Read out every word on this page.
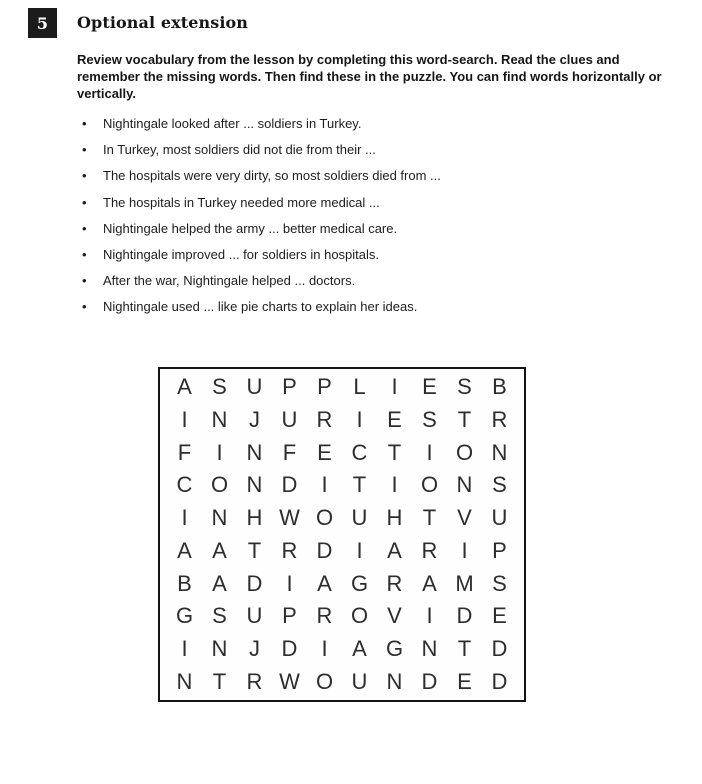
5	Optional extension

Review vocabulary from the lesson by completing this word-search. Read the clues and remember the missing words. Then find these in the puzzle. You can find words horizontally or vertically.

•	Nightingale looked after ... soldiers in Turkey.
•	In Turkey, most soldiers did not die from their ...
•	The hospitals were very dirty, so most soldiers died from ...
•	The hospitals in Turkey needed more medical ...
•	Nightingale helped the army ... better medical care.
•	Nightingale improved ... for soldiers in hospitals.
•	After the war, Nightingale helped ... doctors.
•	Nightingale used ... like pie charts to explain her ideas.
A S U P P L	I	E S B
I	N J U R	I	E S T R
F	I	N F E C T	I	O N
C O N D	I	T	I	O N S
I	N H W O U H T V U
A A T R D	I	A R	I	P
B A D	I	A G R A M S
G S U P R O V	I	D E
I	N J D	I	A G N T D
N T R W O U N D E D
